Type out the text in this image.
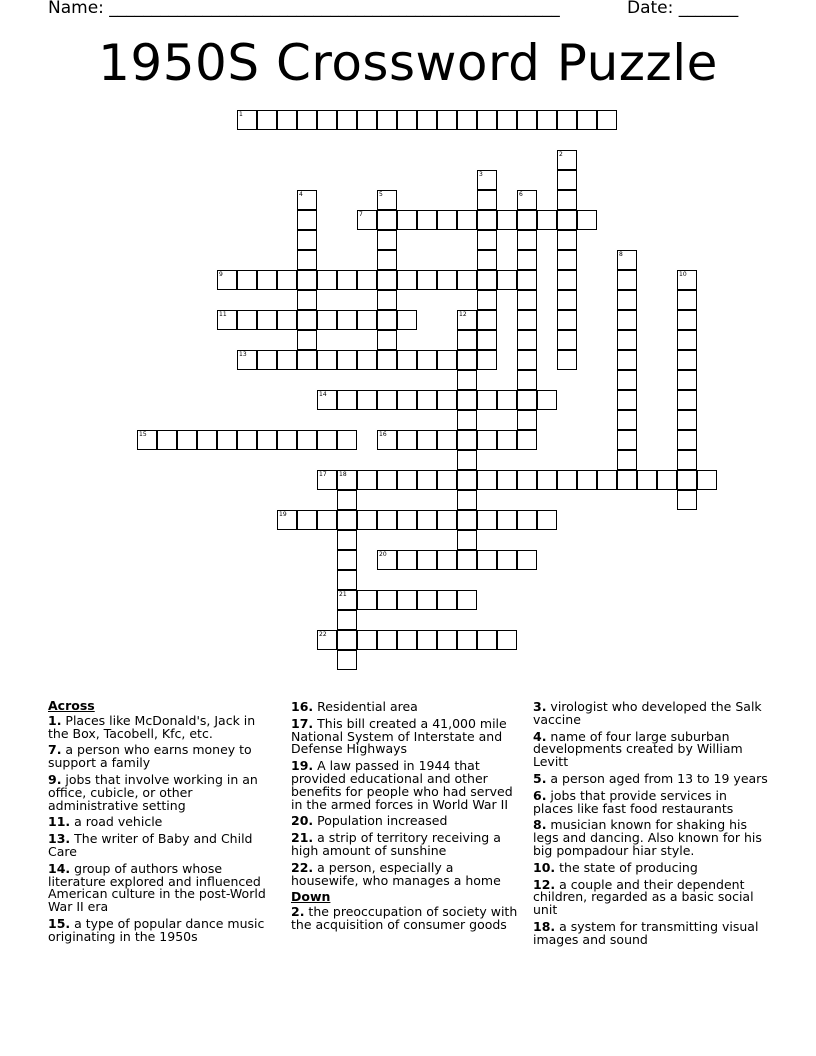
Name: _____________________________________________________	Date: _______
1950S Crossword Puzzle
1
2
3
4	5	6
7
8
9	10
11	12
13
14
15	16
17 18
21
19
20
22
Across
1. Places like McDonald's, Jack in the Box, Tacobell, Kfc, etc.
7. a person who earns money to support a family
9. jobs that involve working in an office, cubicle, or other administrative setting
11. a road vehicle
13. The writer of Baby and Child Care
14. group of authors whose literature explored and influenced American culture in the post-World War II era
15. a type of popular dance music originating in the 1950s
16. Residential area
17. This bill created a 41,000 mile National System of Interstate and Defense Highways
19. A law passed in 1944 that provided educational and other benefits for people who had served in the armed forces in World War II
20. Population increased
21. a strip of territory receiving a high amount of sunshine
22. a person, especially a housewife, who manages a home
Down
2. the preoccupation of society with the acquisition of consumer goods
3. virologist who developed the Salk vaccine
4. name of four large suburban developments created by William Levitt
5. a person aged from 13 to 19 years
6. jobs that provide services in places like fast food restaurants
8. musician known for shaking his legs and dancing. Also known for his big pompadour hiar style.
10. the state of producing
12. a couple and their dependent children, regarded as a basic social unit
18. a system for transmitting visual images and sound
